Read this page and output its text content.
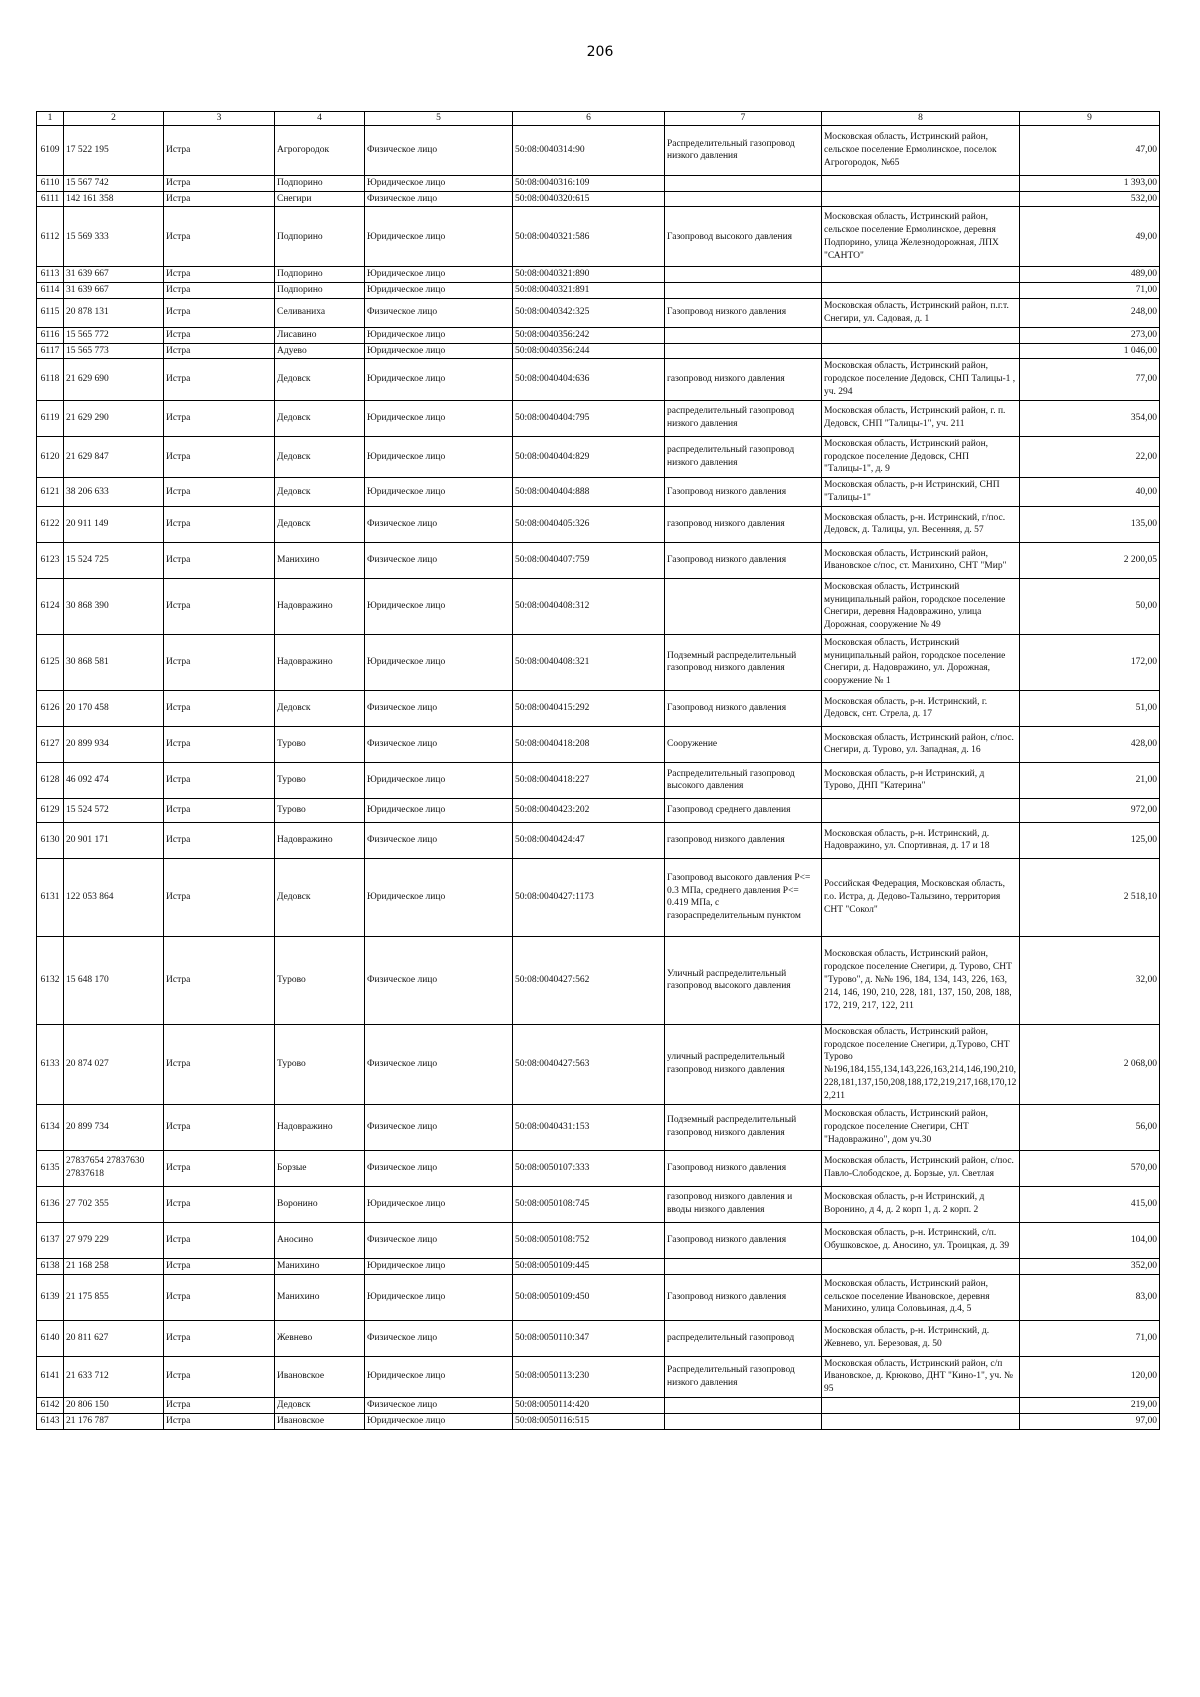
206
1	2	3	4	5	6	7	8	9
6109	17 522 195	Истра	Агрогородок	Физическое лицо	50:08:0040314:90	Распределительный газопровод низкого давления	Московская область, Истринский район, сельское поселение Ермолинское, поселок Агрогородок, №65	47,00
6110	15 567 742	Истра	Подпорино	Юридическое лицо	50:08:0040316:109			1 393,00
6111	142 161 358	Истра	Снегири	Физическое лицо	50:08:0040320:615			532,00
6112	15 569 333	Истра	Подпорино	Юридическое лицо	50:08:0040321:586	Газопровод высокого давления	Московская область, Истринский район, сельское поселение Ермолинское, деревня Подпорино, улица Железнодорожная, ЛПХ "САНТО"	49,00
6113	31 639 667	Истра	Подпорино	Юридическое лицо	50:08:0040321:890			489,00
6114	31 639 667	Истра	Подпорино	Юридическое лицо	50:08:0040321:891			71,00
6115	20 878 131	Истра	Селиваниха	Физическое лицо	50:08:0040342:325	Газопровод низкого давления	Московская область, Истринский район, п.г.т. Снегири, ул. Садовая, д. 1	248,00
6116	15 565 772	Истра	Лисавино	Юридическое лицо	50:08:0040356:242			273,00
6117	15 565 773	Истра	Адуево	Юридическое лицо	50:08:0040356:244			1 046,00
6118	21 629 690	Истра	Дедовск	Юридическое лицо	50:08:0040404:636	газопровод низкого давления	Московская область, Истринский район, городское поселение Дедовск, СНП Талицы-1 , уч. 294	77,00
6119	21 629 290	Истра	Дедовск	Юридическое лицо	50:08:0040404:795	распределительный газопровод низкого давления	Московская область, Истринский район, г. п. Дедовск, СНП "Талицы-1", уч. 211	354,00
6120	21 629 847	Истра	Дедовск	Юридическое лицо	50:08:0040404:829	распределительный газопровод низкого давления	Московская область, Истринский район, городское поселение Дедовск, СНП "Талицы-1", д. 9	22,00
6121	38 206 633	Истра	Дедовск	Юридическое лицо	50:08:0040404:888	Газопровод низкого давления	Московская область, р-н Истринский, СНП "Талицы-1"	40,00
6122	20 911 149	Истра	Дедовск	Физическое лицо	50:08:0040405:326	газопровод низкого давления	Московская область, р-н. Истринский, г/пос. Дедовск, д. Талицы, ул. Весенняя, д. 57	135,00
6123	15 524 725	Истра	Манихино	Физическое лицо	50:08:0040407:759	Газопровод низкого давления	Московская область, Истринский район, Ивановское с/пос, ст. Манихино, СНТ "Мир"	2 200,05
6124	30 868 390	Истра	Надовражино	Юридическое лицо	50:08:0040408:312		Московская область, Истринский муниципальный район, городское поселение Снегири, деревня Надовражино, улица Дорожная, сооружение № 49	50,00
6125	30 868 581	Истра	Надовражино	Юридическое лицо	50:08:0040408:321	Подземный распределительный газопровод низкого давления	Московская область, Истринский муниципальный район, городское поселение Снегири, д. Надовражино, ул. Дорожная, сооружение № 1	172,00
6126	20 170 458	Истра	Дедовск	Физическое лицо	50:08:0040415:292	Газопровод низкого давления	Московская область, р-н. Истринский, г. Дедовск, снт. Стрела, д. 17	51,00
6127	20 899 934	Истра	Турово	Физическое лицо	50:08:0040418:208	Сооружение	Московская область, Истринский район, с/пос. Снегири, д. Турово, ул. Западная, д. 16	428,00
6128	46 092 474	Истра	Турово	Юридическое лицо	50:08:0040418:227	Распределительный газопровод высокого давления	Московская область, р-н Истринский, д Турово, ДНП "Катерина"	21,00
6129	15 524 572	Истра	Турово	Юридическое лицо	50:08:0040423:202	Газопровод среднего давления		972,00
6130	20 901 171	Истра	Надовражино	Физическое лицо	50:08:0040424:47	газопровод низкого давления	Московская область, р-н. Истринский, д. Надовражино, ул. Спортивная, д. 17 и 18	125,00
6131	122 053 864	Истра	Дедовск	Юридическое лицо	50:08:0040427:1173	Газопровод высокого давления Р<= 0.3 МПа, среднего давления Р<= 0.419 МПа, с газораспределительным пунктом	Российская Федерация, Московская область, г.о. Истра, д. Дедово-Талызино, территория СНТ "Сокол"	2 518,10
6132	15 648 170	Истра	Турово	Физическое лицо	50:08:0040427:562	Уличный распределительный газопровод высокого давления	Московская область, Истринский район, городское поселение Снегири, д. Турово, СНТ "Турово", д. №№ 196, 184, 134, 143, 226, 163, 214, 146, 190, 210, 228, 181, 137, 150, 208, 188, 172, 219, 217, 122, 211	32,00
6133	20 874 027	Истра	Турово	Физическое лицо	50:08:0040427:563	уличный распределительный газопровод низкого давления	Московская область, Истринский район, городское поселение Снегири, д.Турово, СНТ Турово №196,184,155,134,143,226,163,214,146,190,210,228,181,137,150,208,188,172,219,217,168,170,122,211	2 068,00
6134	20 899 734	Истра	Надовражино	Физическое лицо	50:08:0040431:153	Подземный распределительный газопровод низкого давления	Московская область, Истринский район, городское поселение Снегири, СНТ "Надовражино", дом уч.30	56,00
6135	27837654 27837630 27837618	Истра	Борзые	Физическое лицо	50:08:0050107:333	Газопровод низкого давления	Московская область, Истринский район, с/пос. Павло-Слободское, д. Борзые, ул. Светлая	570,00
6136	27 702 355	Истра	Воронино	Юридическое лицо	50:08:0050108:745	газопровод низкого давления и вводы низкого давления	Московская область, р-н Истринский, д Воронино, д 4, д. 2 корп 1, д. 2 корп. 2	415,00
6137	27 979 229	Истра	Аносино	Физическое лицо	50:08:0050108:752	Газопровод низкого давления	Московская область, р-н. Истринский, с/п. Обушковское, д. Аносино, ул. Троицкая, д. 39	104,00
6138	21 168 258	Истра	Манихино	Юридическое лицо	50:08:0050109:445			352,00
6139	21 175 855	Истра	Манихино	Юридическое лицо	50:08:0050109:450	Газопровод низкого давления	Московская область, Истринский район, сельское поселение Ивановское, деревня Манихино, улица Соловьиная, д.4, 5	83,00
6140	20 811 627	Истра	Жевнево	Физическое лицо	50:08:0050110:347	распределительный газопровод	Московская область, р-н. Истринский, д. Жевнево, ул. Березовая, д. 50	71,00
6141	21 633 712	Истра	Ивановское	Юридическое лицо	50:08:0050113:230	Распределительный газопровод низкого давления	Московская область, Истринский район, с/п Ивановское, д. Крюково, ДНТ "Кино-1", уч. № 95	120,00
6142	20 806 150	Истра	Дедовск	Физическое лицо	50:08:0050114:420			219,00
6143	21 176 787	Истра	Ивановское	Юридическое лицо	50:08:0050116:515			97,00
